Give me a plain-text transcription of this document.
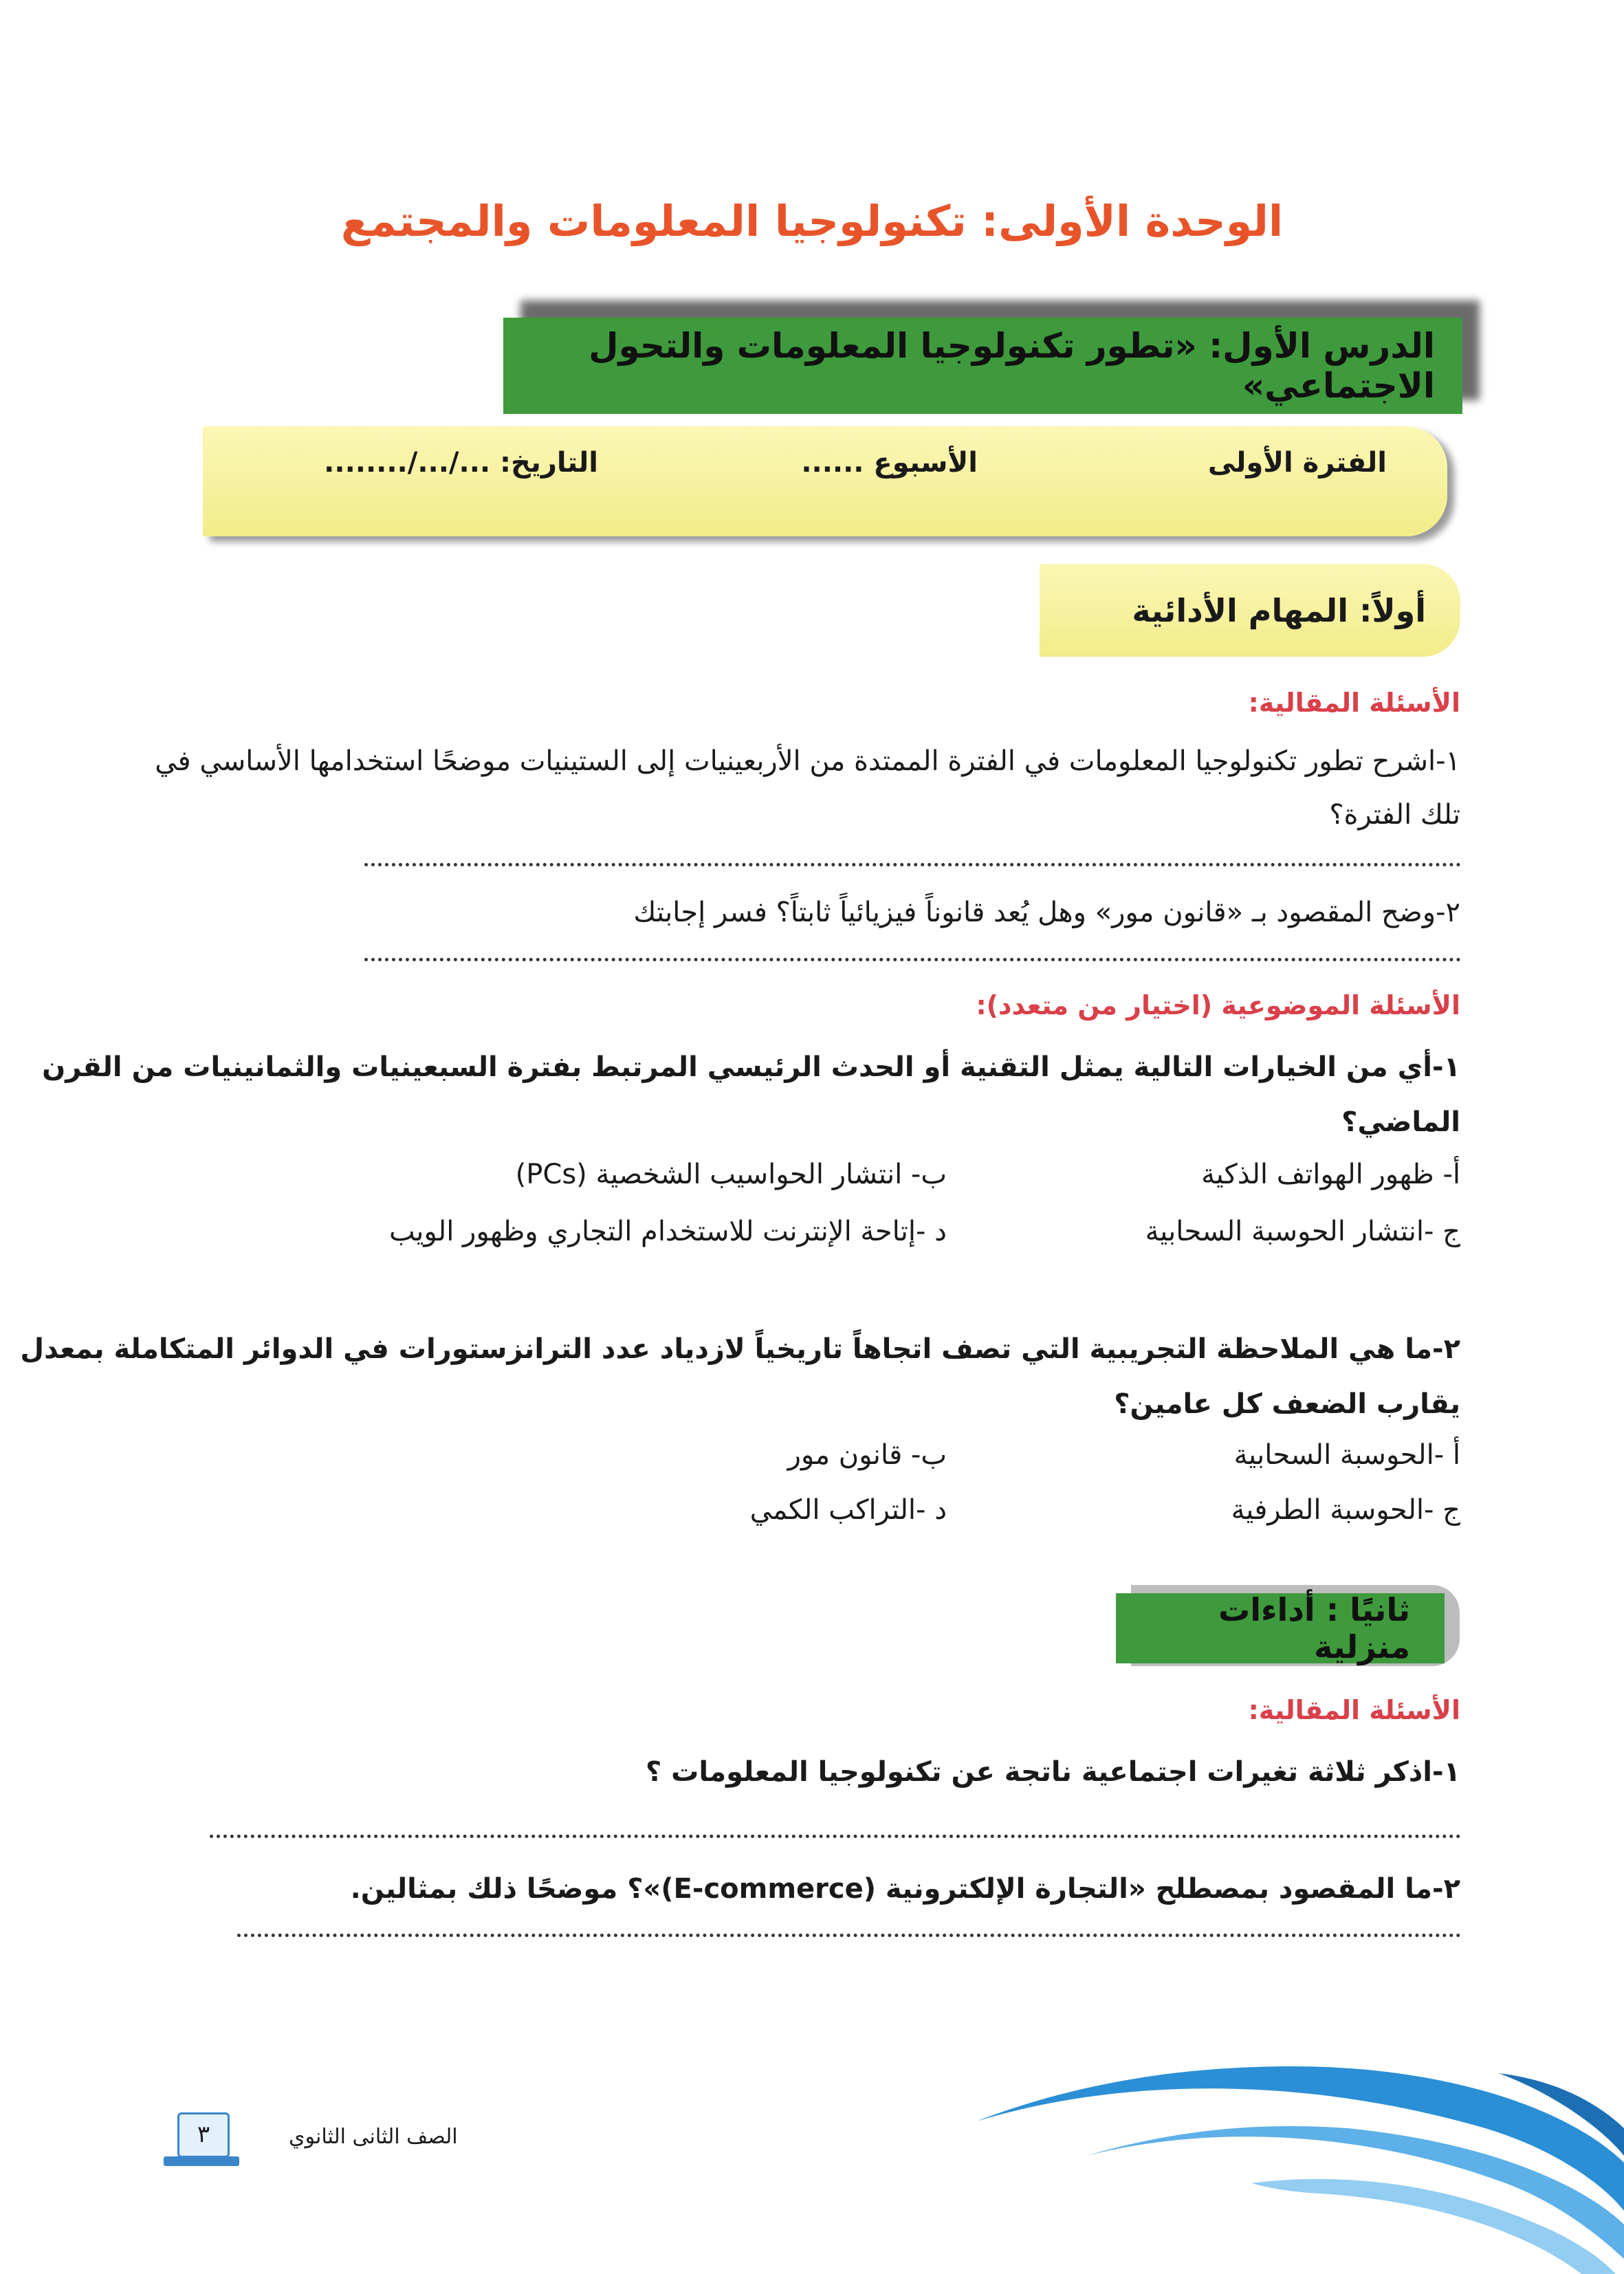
الوحدة الأولى: تكنولوجيا المعلومات والمجتمع
الدرس الأول: «تطور تكنولوجيا المعلومات والتحول الاجتماعي»
الفترة الأولى
الأسبوع ......
التاريخ: .../.../........
أولاً: المهام الأدائية
الأسئلة المقالية:
١-اشرح تطور تكنولوجيا المعلومات في الفترة الممتدة من الأربعينيات إلى الستينيات موضحًا استخدامها الأساسي في
تلك الفترة؟
٢-وضح المقصود بـ «قانون مور» وهل يُعد قانوناً فيزيائياً ثابتاً؟ فسر إجابتك
الأسئلة الموضوعية (اختيار من متعدد):
١-أي من الخيارات التالية يمثل التقنية أو الحدث الرئيسي المرتبط بفترة السبعينيات والثمانينيات من القرن
الماضي؟
أ- ظهور الهواتف الذكية
ب- انتشار الحواسيب الشخصية (PCs)
ج -انتشار الحوسبة السحابية
د -إتاحة الإنترنت للاستخدام التجاري وظهور الويب
٢-ما هي الملاحظة التجريبية التي تصف اتجاهاً تاريخياً لازدياد عدد الترانزستورات في الدوائر المتكاملة بمعدل
يقارب الضعف كل عامين؟
أ -الحوسبة السحابية
ب- قانون مور
ج -الحوسبة الطرفية
د -التراكب الكمي
ثانيًا : أداءات منزلية
الأسئلة المقالية:
١-اذكر ثلاثة تغيرات اجتماعية ناتجة عن تكنولوجيا المعلومات ؟
٢-ما المقصود بمصطلح «التجارة الإلكترونية (E-commerce)»؟ موضحًا ذلك بمثالين.
الصف الثانى الثانوي
٣
